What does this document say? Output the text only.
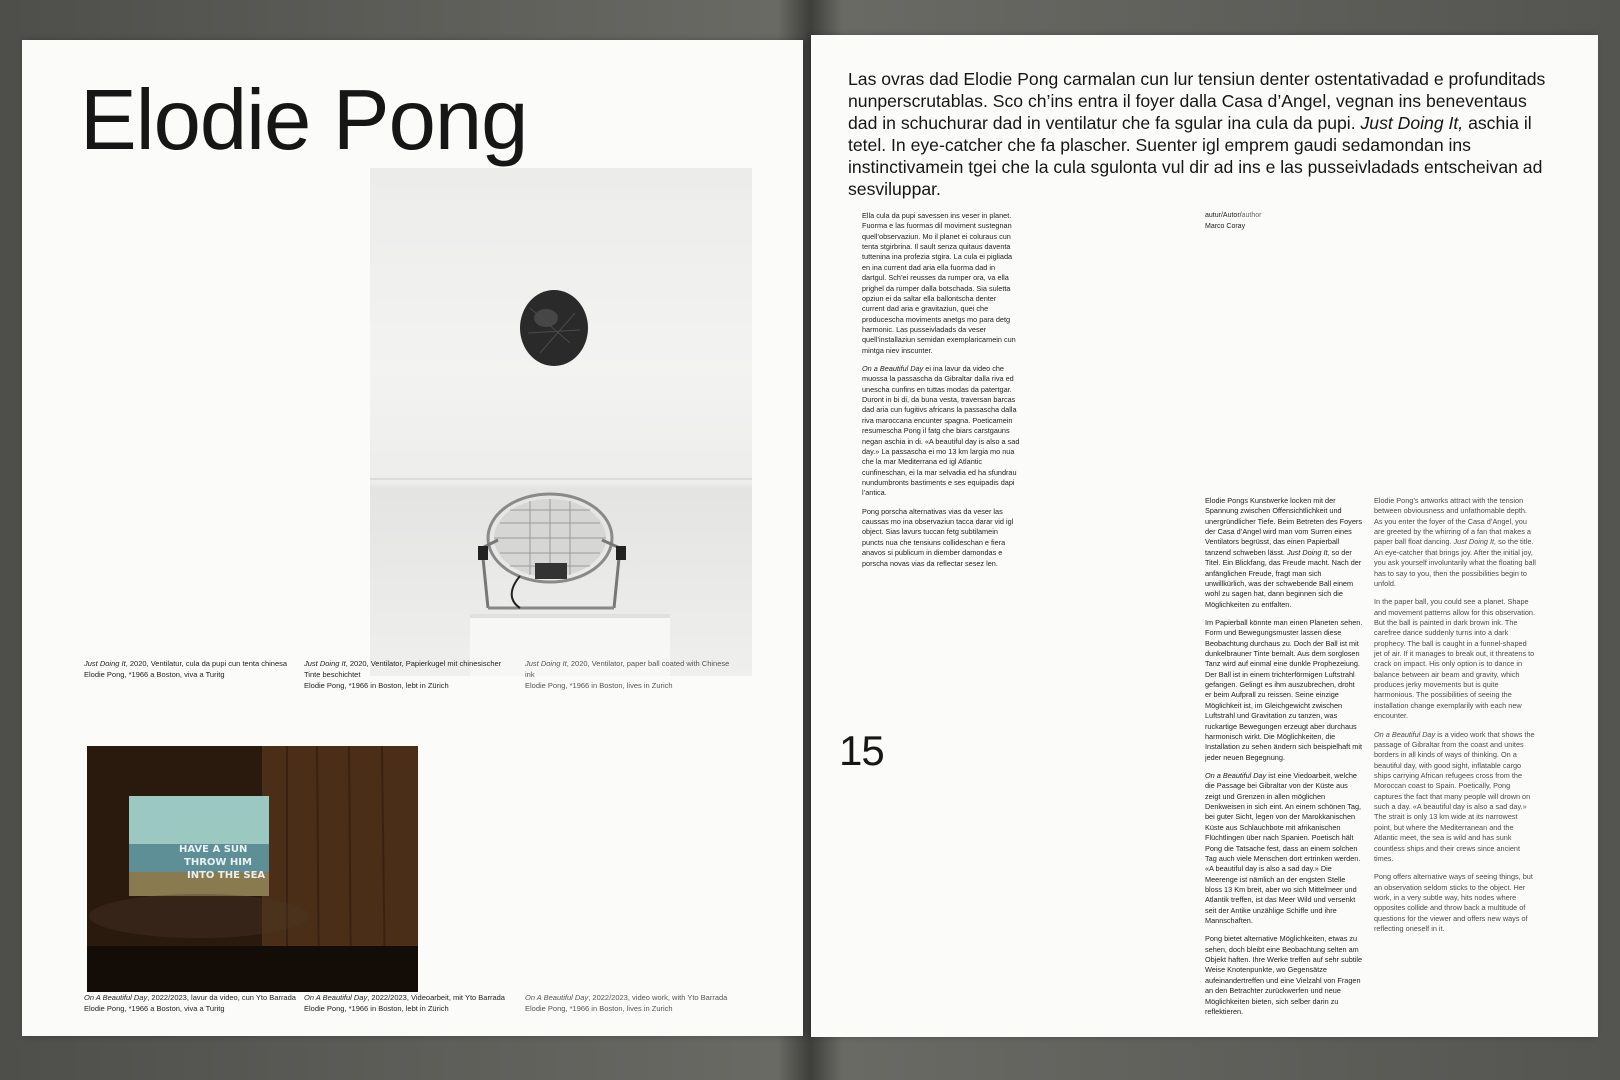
Elodie Pong
Just Doing It, 2020, Ventilatur, cula da pupi cun tenta chinesa
Elodie Pong, *1966 a Boston, viva a Turitg
Just Doing It, 2020, Ventilator, Papierkugel mit chinesischer Tinte beschichtet
Elodie Pong, *1966 in Boston, lebt in Zürich
Just Doing It, 2020, Ventilator, paper ball coated with Chinese ink
Elodie Pong, *1966 in Boston, lives in Zurich
HAVE A SUN
THROW HIM
INTO THE SEA
On A Beautiful Day, 2022/2023, lavur da video, cun Yto Barrada
Elodie Pong, *1966 a Boston, viva a Turitg
On A Beautiful Day, 2022/2023, Videoarbeit, mit Yto Barrada
Elodie Pong, *1966 in Boston, lebt in Zürich
On A Beautiful Day, 2022/2023, video work, with Yto Barrada
Elodie Pong, *1966 in Boston, lives in Zurich
Las ovras dad Elodie Pong carmalan cun lur tensiun denter ostentativadad e profunditads nunperscrutablas. Sco ch’ins entra il foyer dalla Casa d’Angel, vegnan ins beneventaus dad in schuchurar dad in ventilatur che fa sgular ina cula da pupi. Just Doing It, aschia il tetel. In eye-catcher che fa plascher. Suenter igl emprem gaudi sedamondan ins instinctivamein tgei che la cula sgulonta vul dir ad ins e las pusseivladads entscheivan ad sesviluppar.
autur/Autor/author
Marco Coray

Ella cula da pupi savessen ins veser in planet. Fuorma e las fuormas dil moviment sustegnan quell’observaziun. Mo il planet ei colurаus cun tenta stgirbrina. Il sault senza quitaus daventa tuttenina ina profezia stgira. La cula ei pigliada en ina current dad aria ella fuorma dad in dartgul. Sch’ei reusses da rumper ora, va ella prighel da rumper dalla botschada. Sia suletta opziun ei da saltar ella ballontscha denter current dad aria e gravitaziun, quei che producescha moviments anetgs mo para detg harmonic. Las pusseivladads da veser quell’installaziun semidan exemplaricamein cun mintga niev inscunter.

On a Beautiful Day ei ina lavur da video che muossa la passascha da Gibraltar dalla riva ed unescha cunfins en tuttas modas da patertgar. Duront in bi di, da buna vesta, traversan barcas dad aria cun fugitivs africans la passascha dalla riva maroccana encunter spagna. Poeticamein resumescha Pong il fatg che biars carstgauns negan aschia in di. «A beautiful day is also a sad day.» La passascha ei mo 13 km largia mo nua che la mar Mediterrana ed igl Atlantic cunfineschan, ei la mar selvadia ed ha sfundrau nundumbronts bastiments e ses equipadis dapi l’antica.

Pong porscha alternativas vias da veser las caussas mo ina observaziun tacca darar vid igl object. Sias lavurs tuccan fetg subtilamein puncts nua che tensiuns collideschan e fiera anavos si publicum in diember damondas e porscha novas vias da reflectar sesez len.

15

Elodie Pongs Kunstwerke locken mit der Spannung zwischen Offensichtlichkeit und unergründlicher Tiefe. Beim Betreten des Foyers der Casa d’Angel wird man vom Surren eines Ventilators begrüsst, das einen Papierball tanzend schweben lässt. Just Doing It, so der Titel. Ein Blickfang, das Freude macht. Nach der anfänglichen Freude, fragt man sich unwillkürlich, was der schwebende Ball einem wohl zu sagen hat, dann beginnen sich die Möglichkeiten zu entfalten.

Im Papierball könnte man einen Planeten sehen. Form und Bewegungsmuster lassen diese Beobachtung durchaus zu. Doch der Ball ist mit dunkelbrauner Tinte bemalt. Aus dem sorglosen Tanz wird auf einmal eine dunkle Prophezeiung. Der Ball ist in einem trichterförmigen Luftstrahl gefangen. Gelingt es ihm auszubrechen, droht er beim Aufprall zu reissen. Seine einzige Möglichkeit ist, im Gleichgewicht zwischen Luftstrahl und Gravitation zu tanzen, was ruckartige Bewegungen erzeugt aber durchaus harmonisch wirkt. Die Möglichkeiten, die Installation zu sehen ändern sich beispielhaft mit jeder neuen Begegnung.

On a Beautiful Day ist eine Viedoarbeit, welche die Passage bei Gibraltar von der Küste aus zeigt und Grenzen in allen möglichen Denkweisen in sich eint. An einem schönen Tag, bei guter Sicht, legen von der Marokkanischen Küste aus Schlauchbote mit afrikanischen Flüchtlingen über nach Spanien. Poetisch hält Pong die Tatsache fest, dass an einem solchen Tag auch viele Menschen dort ertrinken werden. «A beautiful day is also a sad day.» Die Meerenge ist nämlich an der engsten Stelle bloss 13 Km breit, aber wo sich Mittelmeer und Atlantik treffen, ist das Meer Wild und versenkt seit der Antike unzählige Schiffe und ihre Mannschaften.

Pong bietet alternative Möglichkeiten, etwas zu sehen, doch bleibt eine Beobachtung selten am Objekt haften. Ihre Werke treffen auf sehr subtile Weise Knotenpunkte, wo Gegensätze aufeinandertreffen und eine Vielzahl von Fragen an den Betrachter zurückwerfen und neue Möglichkeiten bieten, sich selber darin zu reflektieren.

Elodie Pong’s artworks attract with the tension between obviousness and unfathomable depth. As you enter the foyer of the Casa d’Angel, you are greeted by the whirring of a fan that makes a paper ball float dancing. Just Doing It, so the title. An eye-catcher that brings joy. After the initial joy, you ask yourself involuntarily what the floating ball has to say to you, then the possibilities begin to unfold.

In the paper ball, you could see a planet. Shape and movement patterns allow for this observation. But the ball is painted in dark brown ink. The carefree dance suddenly turns into a dark prophecy. The ball is caught in a funnel-shaped jet of air. If it manages to break out, it threatens to crack on impact. His only option is to dance in balance between air beam and gravity, which produces jerky movements but is quite harmonious. The possibilities of seeing the installation change exemplarily with each new encounter.

On a Beautiful Day is a video work that shows the passage of Gibraltar from the coast and unites borders in all kinds of ways of thinking. On a beautiful day, with good sight, inflatable cargo ships carrying African refugees cross from the Moroccan coast to Spain. Poetically, Pong captures the fact that many people will drown on such a day. «A beautiful day is also a sad day.» The strait is only 13 km wide at its narrowest point, but where the Mediterranean and the Atlantic meet, the sea is wild and has sunk countless ships and their crews since ancient times.

Pong offers alternative ways of seeing things, but an observation seldom sticks to the object. Her work, in a very subtle way, hits nodes where opposites collide and throw back a multitude of questions for the viewer and offers new ways of reflecting oneself in it.
